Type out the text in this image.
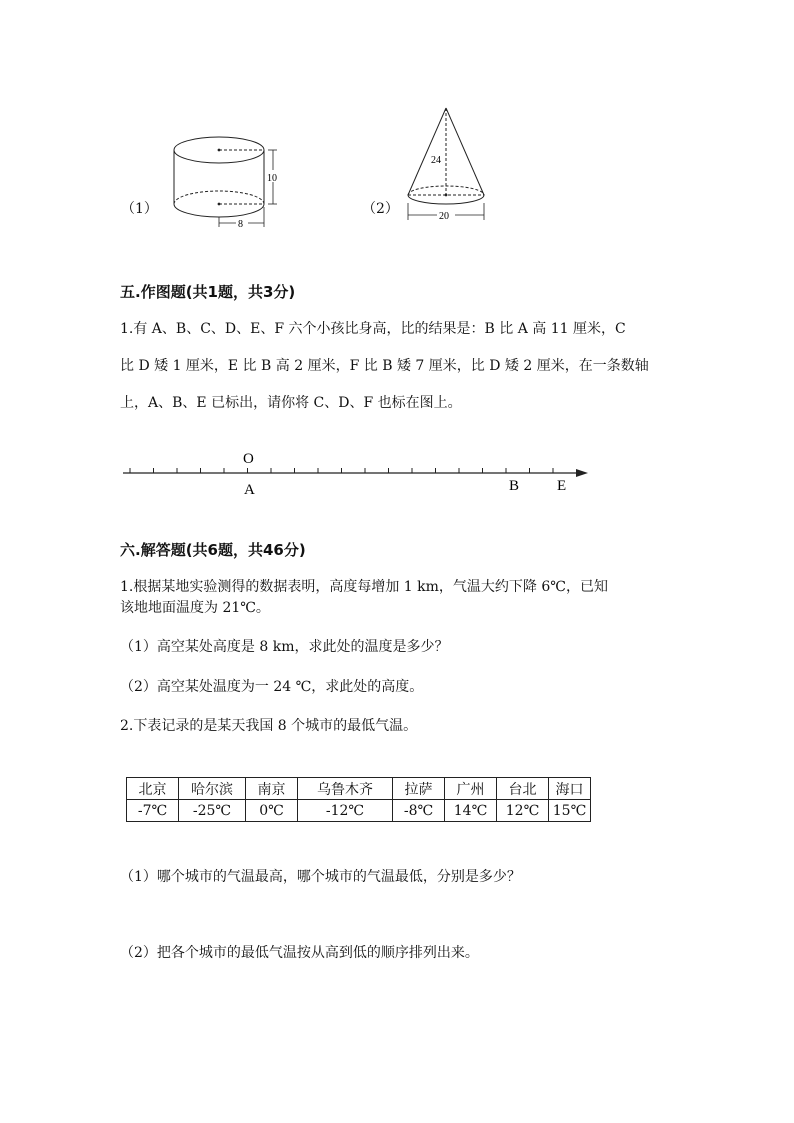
（1）
10
8
（2）
24
20
五.作图题(共1题，共3分)
1.有 A、B、C、D、E、F 六个小孩比身高，比的结果是：B 比 A 高 11 厘米，C
比 D 矮 1 厘米，E 比 B 高 2 厘米，F 比 B 矮 7 厘米，比 D 矮 2 厘米，在一条数轴
上，A、B、E 已标出，请你将 C、D、F 也标在图上。
O
A	B	E
六.解答题(共6题，共46分)
1.根据某地实验测得的数据表明，高度每增加 1 km，气温大约下降 6℃，已知
该地地面温度为 21℃。
（1）高空某处高度是 8 km，求此处的温度是多少？
（2）高空某处温度为一 24 ℃，求此处的高度。
2.下表记录的是某天我国 8 个城市的最低气温。
北京	哈尔滨	南京	乌鲁木齐	拉萨	广州	台北	海口
-7℃	-25℃	0℃	-12℃	-8℃	14℃	12℃	15℃
（1）哪个城市的气温最高，哪个城市的气温最低，分别是多少？
（2）把各个城市的最低气温按从高到低的顺序排列出来。
